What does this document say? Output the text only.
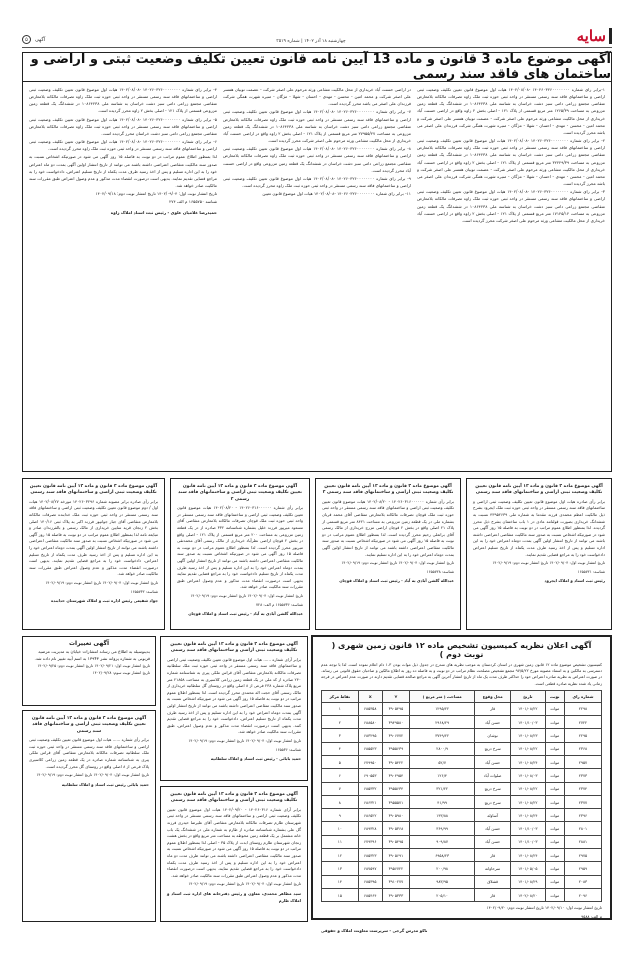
سایه
چهارشنبه ۱۸ آذر ۱۴۰۲ | شماره ۳۵۱۹
آگهی
۵
آگهی موضوع ماده 3 قانون و ماده 13 آیین نامه قانون تعیین تکلیف وضعیت ثبتی و اراضی و ساختمان های فاقد سند رسمی

۱-برابر رای شماره ۱۴۰۲۶۰۳۲۶۰۰۰۰۰۰۰۰ -۱۴۰۲/۰۸/۰۸ هیات اول موضوع قانون تعیین تکلیف وضعیت ثبتی اراضی و ساختمانهای فاقد سند رسمی مستقر در واحد ثبتی حوزه ثبت ملک زاوه تصرفات مالکانه بلامعارض متقاضی مجتمع زراعی دامی سبز دشت خراسان به شناسه ملی ۱۰۸۶۴۲۳۸ در ششدانگ یک قطعه زمین مزروعی به مساحت ۱۲۶۵/۳۹ متر مربع قسمتی از پلاک ۱۲۱ - اصلی بخش ۲ زاوه واقع در اراضی حسنت آباد خریداری از محل مالکیت مشاعی ورثه مرحوم علی اصغر شرکت - عصمت توبیان همسر علی اصغر شرکت و محمد امین - محسن - مهدی - احسان - شهلا - مژگان - منیره شهرت همگی شرکت فرزندان علی اصغر می باشد محرز گردیده است.

۲- برابر رای شماره ۱۴۰۲۶۰۳۲۶۰۰۰۰۰۰۰۰ -۱۴۰۲/۰۸/۰۸ هیات اول موضوع قانون تعیین تکلیف وضعیت ثبتی اراضی و ساختمانهای فاقد سند رسمی مستقر در واحد ثبتی حوزه ثبت ملک زاوه تصرفات مالکانه بلامعارض متقاضی مجتمع زراعی دامی سبز دشت خراسان به شناسه ملی ۱۰۸۶۴۲۳۸ در ششدانگ یک قطعه زمین مزروعی به مساحت ۳۲۲۲۹/۳۹ متر مربع قسمتی از پلاک ۱۲۱ - اصلی بخش ۲ زاوه واقع در اراضی حسنت آباد خریداری از محل مالکیت مشاعی ورثه مرحوم علی اصغر شرکت - عصمت توبیان همسر علی اصغر شرکت و محمد امین - محسن - مهدی - احسان - شهلا - مژگان - منیره شهرت همگی شرکت فرزندان علی اصغر می باشد محرز گردیده است.

۳- برابر رای شماره ۱۴۰۲۶۰۳۲۶۰۰۰۰۰۰۰۰ -۱۴۰۲/۰۸/۰۸ هیات اول موضوع قانون تعیین تکلیف وضعیت ثبتی اراضی و ساختمانهای فاقد سند رسمی مستقر در واحد ثبتی حوزه ثبت ملک زاوه تصرفات مالکانه بلامعارض متقاضی مجتمع زراعی دامی سبز دشت خراسان به شناسه ملی ۱۰۸۶۴۲۳۸ در ششدانگ یک قطعه زمین مزروعی به مساحت ۱۷۱۲۵/۱۲ متر مربع قسمتی از پلاک ۱۲۱ - اصلی بخش ۲ زاوه واقع در اراضی حسنت آباد خریداری از محل مالکیت مشاعی ورثه مرحوم علی اصغر شرکت محرز گردیده است.

در اراضی حسنت آباد خریداری از محل مالکیت مشاعی ورثه مرحوم علی اصغر شرکت - عصمت توبیان همسر علی اصغر شرکت و محمد امین - محسن - مهدی - احسان - شهلا - مژگان - منیره شهرت همگی شرکت فرزندان علی اصغر می باشد محرز گردیده است.

۷- برابر رای شماره ۱۴۰۲۶۰۳۲۶۰۰۰۰۰۰۰۰ -۱۴۰۲/۰۸/۰۸ هیات اول موضوع قانون تعیین تکلیف وضعیت ثبتی اراضی و ساختمانهای فاقد سند رسمی مستقر در واحد ثبتی حوزه ثبت ملک زاوه تصرفات مالکانه بلامعارض متقاضی مجتمع زراعی دامی سبز دشت خراسان به شناسه ملی ۱۰۸۶۴۲۳۸ در ششدانگ یک قطعه زمین مزروعی به مساحت ۲۷۹۵۵/۲۷ متر مربع قسمتی از پلاک ۱۲۱ - اصلی بخش ۲ زاوه واقع در اراضی حسنت آباد خریداری از محل مالکیت مشاعی ورثه مرحوم علی اصغر شرکت محرز گردیده است.

۸- برابر رای شماره ۱۴۰۲۶۰۳۲۶۰۰۰۰۰۰۰۰ -۱۴۰۲/۰۸/۰۸ هیات اول موضوع قانون تعیین تکلیف وضعیت ثبتی اراضی و ساختمانهای فاقد سند رسمی مستقر در واحد ثبتی حوزه ثبت ملک زاوه تصرفات مالکانه بلامعارض متقاضی مجتمع زراعی دامی سبز دشت خراسان در ششدانگ یک قطعه زمین مزروعی واقع در اراضی حسنت آباد محرز گردیده است.

۹- برابر رای شماره ۱۴۰۲۶۰۳۲۶۰۰۰۰۰۰۰۰ -۱۴۰۲/۰۸/۰۸ هیات اول موضوع قانون تعیین تکلیف وضعیت ثبتی اراضی و ساختمانهای فاقد سند رسمی مستقر در واحد ثبتی حوزه ثبت ملک زاوه محرز گردیده است.

۱۱- برابر رای شماره ۱۴۰۲۶۰۳۲۶۰۰۰۰۰۰۰۰ -۱۴۰۲/۰۸/۰۸ هیات اول موضوع قانون تعیین

۴- برابر رای شماره ۱۴۰۲۶۰۳۲۶۰۰۰۰۰۰۰۰ -۱۴۰۲/۰۸/۰۸ هیات اول موضوع قانون تعیین تکلیف وضعیت ثبتی اراضی و ساختمانهای فاقد سند رسمی مستقر در واحد ثبتی حوزه ثبت ملک زاوه تصرفات مالکانه بلامعارض متقاضی مجتمع زراعی دامی سبز دشت خراسان به شناسه ملی ۱۰۸۶۴۲۳۸ در ششدانگ یک قطعه زمین مزروعی قسمتی از پلاک ۱۲۱ - اصلی بخش ۲ زاوه محرز گردیده است.

۵- برابر رای شماره ۱۴۰۲۶۰۳۲۶۰۰۰۰۰۰۰۰ -۱۴۰۲/۰۸/۰۸ هیات اول موضوع قانون تعیین تکلیف وضعیت ثبتی اراضی و ساختمانهای فاقد سند رسمی مستقر در واحد ثبتی حوزه ثبت ملک زاوه تصرفات مالکانه بلامعارض متقاضی مجتمع زراعی دامی سبز دشت خراسان محرز گردیده است.

۶- برابر رای شماره ۱۴۰۲۶۰۳۲۶۰۰۰۰۰۰۰۰ -۱۴۰۲/۰۸/۰۸ هیات اول موضوع قانون تعیین تکلیف وضعیت ثبتی اراضی و ساختمانهای فاقد سند رسمی مستقر در واحد ثبتی حوزه ثبت ملک زاوه محرز گردیده است.

لذا بمنظور اطلاع عموم مراتب در دو نوبت به فاصله ۱۵ روز آگهی می شود در صورتیکه اشخاص نسبت به صدور سند مالکیت متقاضی اعتراضی داشته باشند می توانند از تاریخ انتشار اولین آگهی بمدت دو ماه اعتراض خود را به این اداره تسلیم و پس از اخذ رسید ظرف مدت یکماه از تاریخ تسلیم اعتراض، دادخواست خود را به مراجع قضایی تقدیم نمایند. بدیهی است درصورت انقضاء مدت مذکور و عدم وصول اعتراض طبق مقررات سند مالکیت صادر خواهد شد.

تاریخ انتشار نوبت اول: ۱۴۰۲/۰۹/۰۴ تاریخ انتشار نوبت دوم: ۱۴۰۲/۰۹/۱۸

شناسه ۱۶۵۵۷۵۰ م الف ۲۷۴

حمیدرضا غلامیان علوی - رئیس ثبت اسناد املاک زاوه

آگهی موضوع ماده ۳ قانون و ماده ۱۳ آیین نامه قانون تعیین تکلیف وضعیت ثبتی اراضی و ساختمانهای فاقد سند رسمی
برابر رأی صادره هیات اول موضوع قانون تعیین تکلیف وضعیت ثبتی اراضی و ساختمانهای فاقد سند رسمی مستقر در واحد ثبتی حوزه ثبت ملک ایجرود بشرح ذیل مالکیت اعظم محمدی فرزند مقدما به شماره ملی ۴۳۹۵۲۶۳۹ نسبت به ششدانگ خریداری بصورت قولنامه عادی در ۱ باب ساختمان بشرح ذیل محرز گردیده. لذا بمنظور اطلاع عموم مراتب در دو نوبت به فاصله ۱۵ روز آگهی می شود در صورتیکه اشخاص نسبت به صدور سند مالکیت متقاضی اعتراضی داشته باشند می توانند از تاریخ انتشار اولین آگهی بمدت دوماه اعتراض خود را به این اداره تسلیم و پس از اخذ رسید ظرف مدت یکماه از تاریخ تسلیم اعتراض دادخواست خود را به مراجع قضایی تقدیم نمایند.
تاریخ انتشار نوبت اول: ۱۴۰۲/۰۹/۰۴ تاریخ انتشار نوبت دوم: ۱۴۰۲/۰۹/۱۹
شناسه: ۱۶۵۵۷۲۱
رئیس ثبت اسناد و املاک ایجرود
آگهی موضوع ماده ۳ قانون و ماده ۱۳ آیین نامه قانون تعیین تکلیف وضعیت ثبتی اراضی و ساختمانهای فاقد سند رسمی ۲
برابر رأی شماره ۱۴۰۲۶۰۳۱۶۰۰۰۰۰۰ - ۱۴۰۲/۰۸/۲۰ هیات موضوع قانون تعیین تکلیف وضعیت ثبتی اراضی و ساختمانهای فاقد سند رسمی مستقر در واحد ثبتی حوزه ثبت ملک قوچان تصرفات مالکانه بلامعارض متقاضی آقای محمد قربان بشماره ملی در یک قطعه زمین مزروعی به مساحت ۸۴۲۱ متر مربع قسمتی از پلاک ۲۱ اصلی واقع در بخش ۲ قوچان اراضی مزرج خریداری از مالک رسمی آقای براتعلی رحیم محرز گردیده است. لذا بمنظور اطلاع عموم مراتب در دو نوبت به فاصله ۱۵ روز آگهی می شود در صورتیکه اشخاص نسبت به صدور سند مالکیت متقاضی اعتراضی داشته باشند می توانند از تاریخ انتشار اولین آگهی بمدت دوماه اعتراض خود را به این اداره تسلیم نمایند.
تاریخ انتشار نوبت اول: ۱۴۰۲/۰۹/۰۴ تاریخ انتشار نوبت دوم: ۱۴۰۲/۰۹/۱۹
شناسه: ۱۶۵۵۷۲۸
عبدالله گلشن آبادی به آباد - رئیس ثبت اسناد و املاک قوچان
آگهی موضوع ماده ۳ قانون و ماده ۱۳ آیین نامه قانون تعیین تکلیف وضعیت ثبتی اراضی و ساختمانهای فاقد سند رسمی ۲
برابر رأی شماره ۱۴۰۲۶۰۳۱۶۰۰۰۰۰۰ - ۱۴۰۲/۰۸/۲۰ هیات موضوع قانون تعیین تکلیف وضعیت ثبتی اراضی و ساختمانهای فاقد سند رسمی مستقر در واحد ثبتی حوزه ثبت ملک قوچان تصرفات مالکانه بلامعارض متقاضی آقای مسعود میرپور فرزند خلیل بشماره شناسنامه ۳۳۲ صادره از در یک قطعه زمین مزروعی به مساحت ۲۰۰ متر مربع قسمتی از پلاک ۱۲۱ - اصلی واقع در بخش ۲ قوچان اراضی نظرآباد خریداری از مالک رسمی آقای محمدتقی میرپور محرز گردیده است. لذا بمنظور اطلاع عموم مراتب در دو نوبت به فاصله ۱۵ روز آگهی می شود در صورتیکه اشخاص نسبت به صدور سند مالکیت متقاضی اعتراضی داشته باشند می توانند از تاریخ انتشار اولین آگهی بمدت دوماه اعتراض خود را به این اداره تسلیم و پس از اخذ رسید ظرف مدت یکماه از تاریخ تسلیم دادخواست خود را به مراجع قضایی تقدیم نمایند بدیهی است درصورت انقضاء مدت مذکور و عدم وصول اعتراض طبق مقررات سند مالکیت صادر خواهد شد.
تاریخ انتشار نوبت اول: ۱۴۰۲/۰۹/۰۴ تاریخ انتشار نوبت دوم: ۱۴۰۲/۰۹/۱۹
شناسه: ۱۶۵۵۷۳۶ م الف: ۷۲۸
عبدالله گلشن آبادی به آباد - رئیس ثبت اسناد و املاک قوچان
آگهی موضوع ماده ۳ قانون و ماده ۱۳ آیین نامه قانون تعیین تکلیف وضعیت ثبتی اراضی و ساختمانهای فاقد سند رسمی
برابر رأی صادره برابر مصوبه شماره ۱۴۰۲۶۰۳۲۹۶ مورخه ۱۴۰۲/۰۸/۲۷ هیات اول / دوم موضوع قانون تعیین تکلیف وضعیت ثبتی اراضی و ساختمانهای فاقد سند رسمی مستقر در واحد ثبتی حوزه ثبت ملک خدابنده تصرفات مالکانه بلامعارض متقاضی آقای جبار جوانپور فرزند اکبر به پلاک ثبتی ۱۴۰/۱۶ اصلی بخش ۲ زنجان قریه سایین خریداری از مالک رسمی و بالفرزندان صادر و مبایعه نامه لذا بمنظور اطلاع عموم مراتب در دو نوبت به فاصله ۱۵ روز آگهی می شود در صورتیکه اشخاص نسبت به صدور سند مالکیت متقاضی اعتراضی داشته باشند می توانند از تاریخ انتشار اولین آگهی بمدت دوماه اعتراض خود را به این اداره تسلیم و پس از اخذ رسید ظرف مدت یکماه از تاریخ تسلیم اعتراض، دادخواست خود را به مراجع قضایی تقدیم نمایند. بدیهی است درصورت انقضاء مدت مذکور و عدم وصول اعتراض طبق مقررات سند مالکیت صادر خواهد شد.
تاریخ انتشار نوبت اول: ۱۴۰۲/۰۹/۰۴ تاریخ انتشار نوبت دوم: ۱۴۰۲/۰۹/۱۹
شناسه: ۱۶۵۵۷۳۲
جواد شفیعی رئیس اداره ثبت و املاک شهرستان خدابنده
آگهی اعلان نظریه کمیسیون تشخیص ماده ۱۲ قانون زمین شهری ( نوبت دوم )
کمیسیون تشخیص موضوع ماده ۱۲ قانون زمین شهری در استان کردستان به موجب نظریه های مندرج در جدول ذیل موات بودن ۳-۱ دام اعلام نموده است. لذا با توجه عدم دسترسی به مالکین و به استناد مصوبه مورخ ۹۷/۵/۲۲ مجمع تشخیص مصلحت نظام مراتب در دو نوبت و به فاصله ده روز به اطلاع مالکین و صاحبان حقوق قانونی می رساند. در صورت اعتراض به نظریه صادره اعتراض خود را حداکثر ظرف مدت یک ماه از تاریخ انتشار آخرین آگهی به مراجع صالحه قضایی تقدیم دارند در صورت عدم اعتراض در فرجه زمانی یاد شده نظریه صادره قطعی است.
شماره رای	نوبت	تاریخ	محل وقوع	مساحت ( متر مربع )	Y	X	نقاط مرکز
۲۲۹۸	موات	۱۴۰۱/۰۸/۲۲	قار	۱۲۹۵/۲۲	۳۹۰۵۴۹۵	۶۸۵۳۵۸	۱
۲۷۲۲	موات	۱۴۰۱/۱۰/۰۳	حسن آباد	۲۹۶۸/۲۹	۳۹۴۹۵۸۰	۶۸۸۵۸۰	۲
۲۲۹۵	موات	۱۴۰۱/۰۸/۲۳	نوشان	۳۷۴۹/۲۲	۳۹۰۶۷۷۲	۶۸۳۲۹۵	۳
۲۳۶۸	موات	۱۴۰۱/۰۸/۲۲	سرخ دریچ	۲۸۰۰/۹	۳۹۵۵۶۳۹	۶۸۵۵۲۳	۴
۲۹۵۷	موات	۱۴۰۱/۰۸/۲۴	حسن آباد	۵۲/۷	۳۹۰۵۴۲۲	۶۷۹۹۵۰	۵
۲۳۷۳	موات	۱۴۰۱/۰۸/۰۳	صلوات آباد	۱۲۶/۴	۳۹۰۴۹۵۴	۶۹۰۵۵۳	۶
۲۳۷۴	موات	۱۴۰۱/۰۸/۲۲	سرخ دریچ	۳۲۱/۲۲	۳۹۵۵۶۳۴	۶۸۵۳۳۲	۷
۲۳۷۷	موات	۱۴۰۱/۰۸/۲۲	سرخ دریچ	۴۱/۹۹	۳۹۵۵۵۷۱	۶۸۶۳۲۱	۸
۲۳۹۶	موات	۱۴۰۱/۰۸/۲۴	آساوله	۱۴۳/۸۸	۳۹۰۵۹۸۰	۶۸۶۵۲۲	۹
۲۸۰۱	موات	۱۴۰۱/۱۰/۰۳	حسن آباد	۳۶۹/۹۹	۳۹۰۵۳۶۸	۶۸۹۳۲۸	۱۰
۲۸۸۱	موات	۱۴۰۱/۱۰/۰۳	حسن آباد	۹۰۹/۸۷	۳۹۰۵۴۹۵	۶۷۹۳۹۶	۱۱
۲۹۷۵	موات	۱۴۰۱/۰۸/۲۴	قار	۶۹۵۸/۲۳	۳۹۰۵۶۹۱	۶۸۵۳۲۳	۱۲
۲۹۵۹	موات	۱۴۰۱/۰۵/۰۵	سرخاوانه	۲۰۰/۹۸	۳۹۵۶۷۲۲	۶۸۷۵۹۷	۱۳
۲۰۸۳	موات	۱۴۰۱/۰۸/۲۹	قشلاق	۹۸۳/۹۵	۳۹۱۰۲۷۷	۶۸۵۳۹۵	۱۴
۲۰۹۶	موات	۱۴۰۲/۰۸/۲۰	قار	۲۰۵/۱۰	۳۹۰۵۳۳۳	۶۸۵۴۶۴	۱۵
تاریخ انتشار نوبت اول: ۱۴۰۲/۰۹/۱۰ تاریخ انتشار نوبت دوم: ۱۴۰۲/۰۹/۲۰
م الف: ۹۵۸۸
ناکو مدرس گرجی - سرپرست معاونت املاک و حقوقی
آگهی تغییرات
بدینوسیله به اطلاع می رساند انتشارات خیابان به مدیریت مرضیه قربونی به شماره پروانه نشر ۱۳۹۴۳ به اسم آبید تغییر نام داده شد.
تاریخ انتشار نوبت اول: ۱۴۰۲/۰۹/۲۱ تاریخ انتشار نوبت دوم: ۱۴۰۲/۰۹/۲۵
تاریخ انتشار نوبت سوم: ۱۴۰۲/۰۹/۲۸
آگهی موضوع ماده ۳ قانون و ماده ۱۳ آیین نامه قانون تعیین تکلیف وضعیت ثبتی اراضی و ساختمانهای فاقد سند رسمی
برابر آرای شماره ...... هیات اول موضوع قانون تعیین تکلیف وضعیت ثبتی اراضی و ساختمانهای فاقد سند رسمی مستقر در واحد ثبتی حوزه ثبت ملک سلطانیه تصرفات مالکانه بلامعارض متقاضی آقای قراس ملکی پیری به شناسنامه شماره ۲۴۰ صادره از کد ملی در یک قطعه زمین زراعی کلاسیری به مساحت ۲۱۸۵۸ متر مربع پلاک شماره ۲۳۸ فرعی از ۸ اصلی واقع در روستای گل سلطانیه خریداری از مالک رسمی آقای حجت اله محمدی محرز گردیده است. لذا بمنظور اطلاع عموم مراتب در دو نوبت به فاصله ۱۵ روز آگهی می شود در صورتیکه اشخاص نسبت به صدور سند مالکیت متقاضی اعتراضی داشته باشند می توانند از تاریخ انتشار اولین آگهی بمدت دوماه اعتراض خود را به این اداره تسلیم و پس از اخذ رسید ظرف مدت یکماه از تاریخ تسلیم اعتراض، دادخواست خود را به مراجع قضایی تقدیم کنند. بدیهی است درصورت انقضاء مدت مذکور و عدم وصول اعتراض، طبق مقررات سند مالکیت صادر خواهد شد.
تاریخ انتشار نوبت اول: ۱۴۰۲/۰۹/۰۴ تاریخ انتشار نوبت دوم: ۱۴۰۲/۰۹/۱۹
شناسه: ۱۶۵۵۳۶
حمید بابائی - رئیس ثبت اسناد و املاک سلطانیه
آگهی موضوع ماده ۳ قانون و ماده ۱۳ آیین نامه قانون تعیین تکلیف وضعیت ثبتی اراضی و ساختمانهای فاقد سند رسمی
برابر آرای شماره ۱۴۰۲۶۰۳۱۶ - ۱۴۰۲/۰۹/۲۰ هیات اول موضوع قانون تعیین تکلیف وضعیت ثبتی اراضی و ساختمانهای فاقد سند رسمی مستقر در واحد ثبتی شهرستان طارم تصرفات مالکانه بلامعارض متقاضی آقای علیرضا حیدری فرزند گل علی بشماره شناسنامه صادره از طارم به شماره ملی در ششدانگ یک باب خانه مشتمل بر یک قطعه زمین محوطه به مساحت متر مربع واقع در بخش هشت زنجان شهرستان طارم روستای ابدت از پلاک ۳۵ - اصلی لذا بمنظور اطلاع عموم مراتب در دو نوبت به فاصله ۱۵ روز آگهی می شود در صورتیکه اشخاص نسبت به صدور سند مالکیت متقاضی اعتراضی داشته باشند می توانند ظرف مدت دو ماه اعتراض خود را به این اداره تسلیم و پس از اخذ رسید ظرف مدت یکماه دادخواست خود را به مراجع قضایی تقدیم نمایند. بدیهی است درصورت انقضاء مدت مذکور و عدم وصول اعتراض طبق مقررات سند مالکیت صادر خواهد شد.
تاریخ انتشار نوبت اول: ۱۴۰۲/۰۹/۰۴ تاریخ انتشار نوبت دوم: ۱۴۰۲/۰۹/۱۹
سید مظاهر محمدی، معاون و رئیس دفترخانه های اداره ثبت اسناد و املاک طارم
آگهی موضوع ماده ۳ قانون و ماده ۱۳ آیین نامه قانون تعیین تکلیف وضعیت ثبتی اراضی و ساختمانهای فاقد سند رسمی
برابر رأی شماره ...... هیات اول موضوع قانون تعیین تکلیف وضعیت ثبتی اراضی و ساختمانهای فاقد سند رسمی مستقر در واحد ثبتی حوزه ثبت ملک سلطانیه تصرفات مالکانه بلامعارض متقاضی آقای قراس ملکی پیری به شناسنامه شماره صادره در یک قطعه زمین زراعی کلاسیری پلاک فرعی از ۸ اصلی واقع در روستای گل محرز گردیده است.
تاریخ انتشار نوبت اول: ۱۴۰۲/۰۹/۰۴ تاریخ انتشار نوبت دوم: ۱۴۰۲/۰۹/۱۹
حمید بابائی رئیس ثبت اسناد و املاک سلطانیه
